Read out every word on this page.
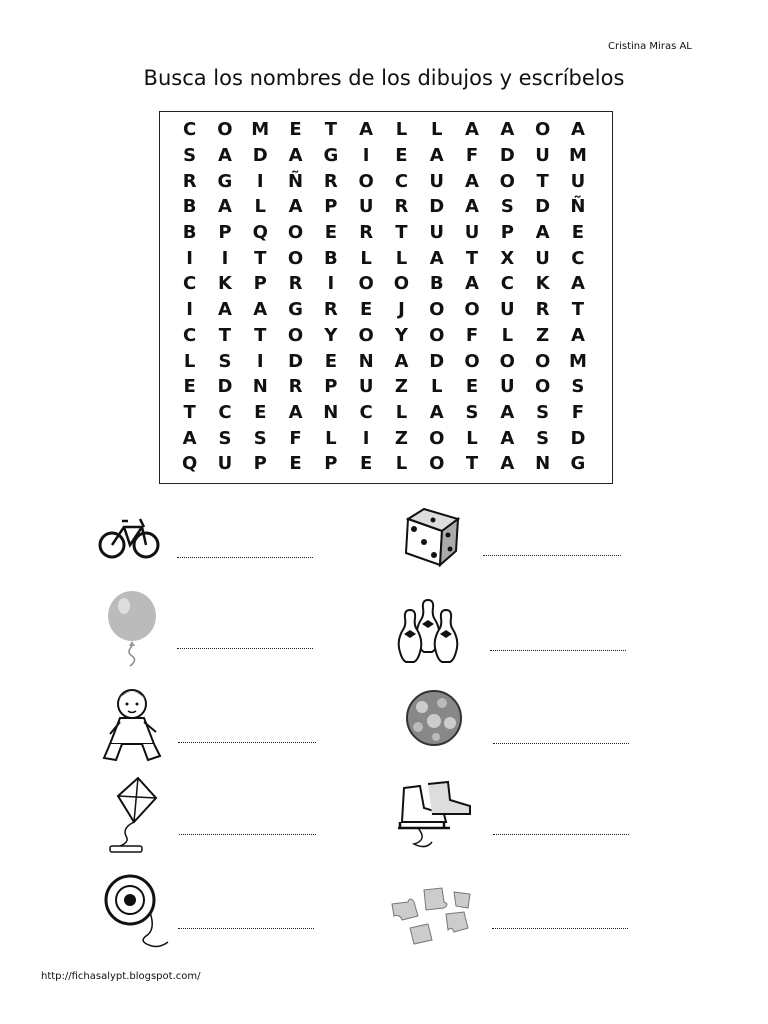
Cristina Miras AL
Busca los nombres de los dibujos y escríbelos
C	O	M	E	T	A	L	L	A	A	O	A
S	A	D	A	G	I	E	A	F	D	U	M
R	G	I	Ñ	R	O	C	U	A	O	T	U
B	A	L	A	P	U	R	D	A	S	D	Ñ
B	P	Q	O	E	R	T	U	U	P	A	E
I	I	T	O	B	L	L	A	T	X	U	C
C	K	P	R	I	O	O	B	A	C	K	A
I	A	A	G	R	E	J	O	O	U	R	T
C	T	T	O	Y	O	Y	O	F	L	Z	A
L	S	I	D	E	N	A	D	O	O	O	M
E	D	N	R	P	U	Z	L	E	U	O	S
T	C	E	A	N	C	L	A	S	A	S	F
A	S	S	F	L	I	Z	O	L	A	S	D
Q	U	P	E	P	E	L	O	T	A	N	G
http://fichasalypt.blogspot.com/
